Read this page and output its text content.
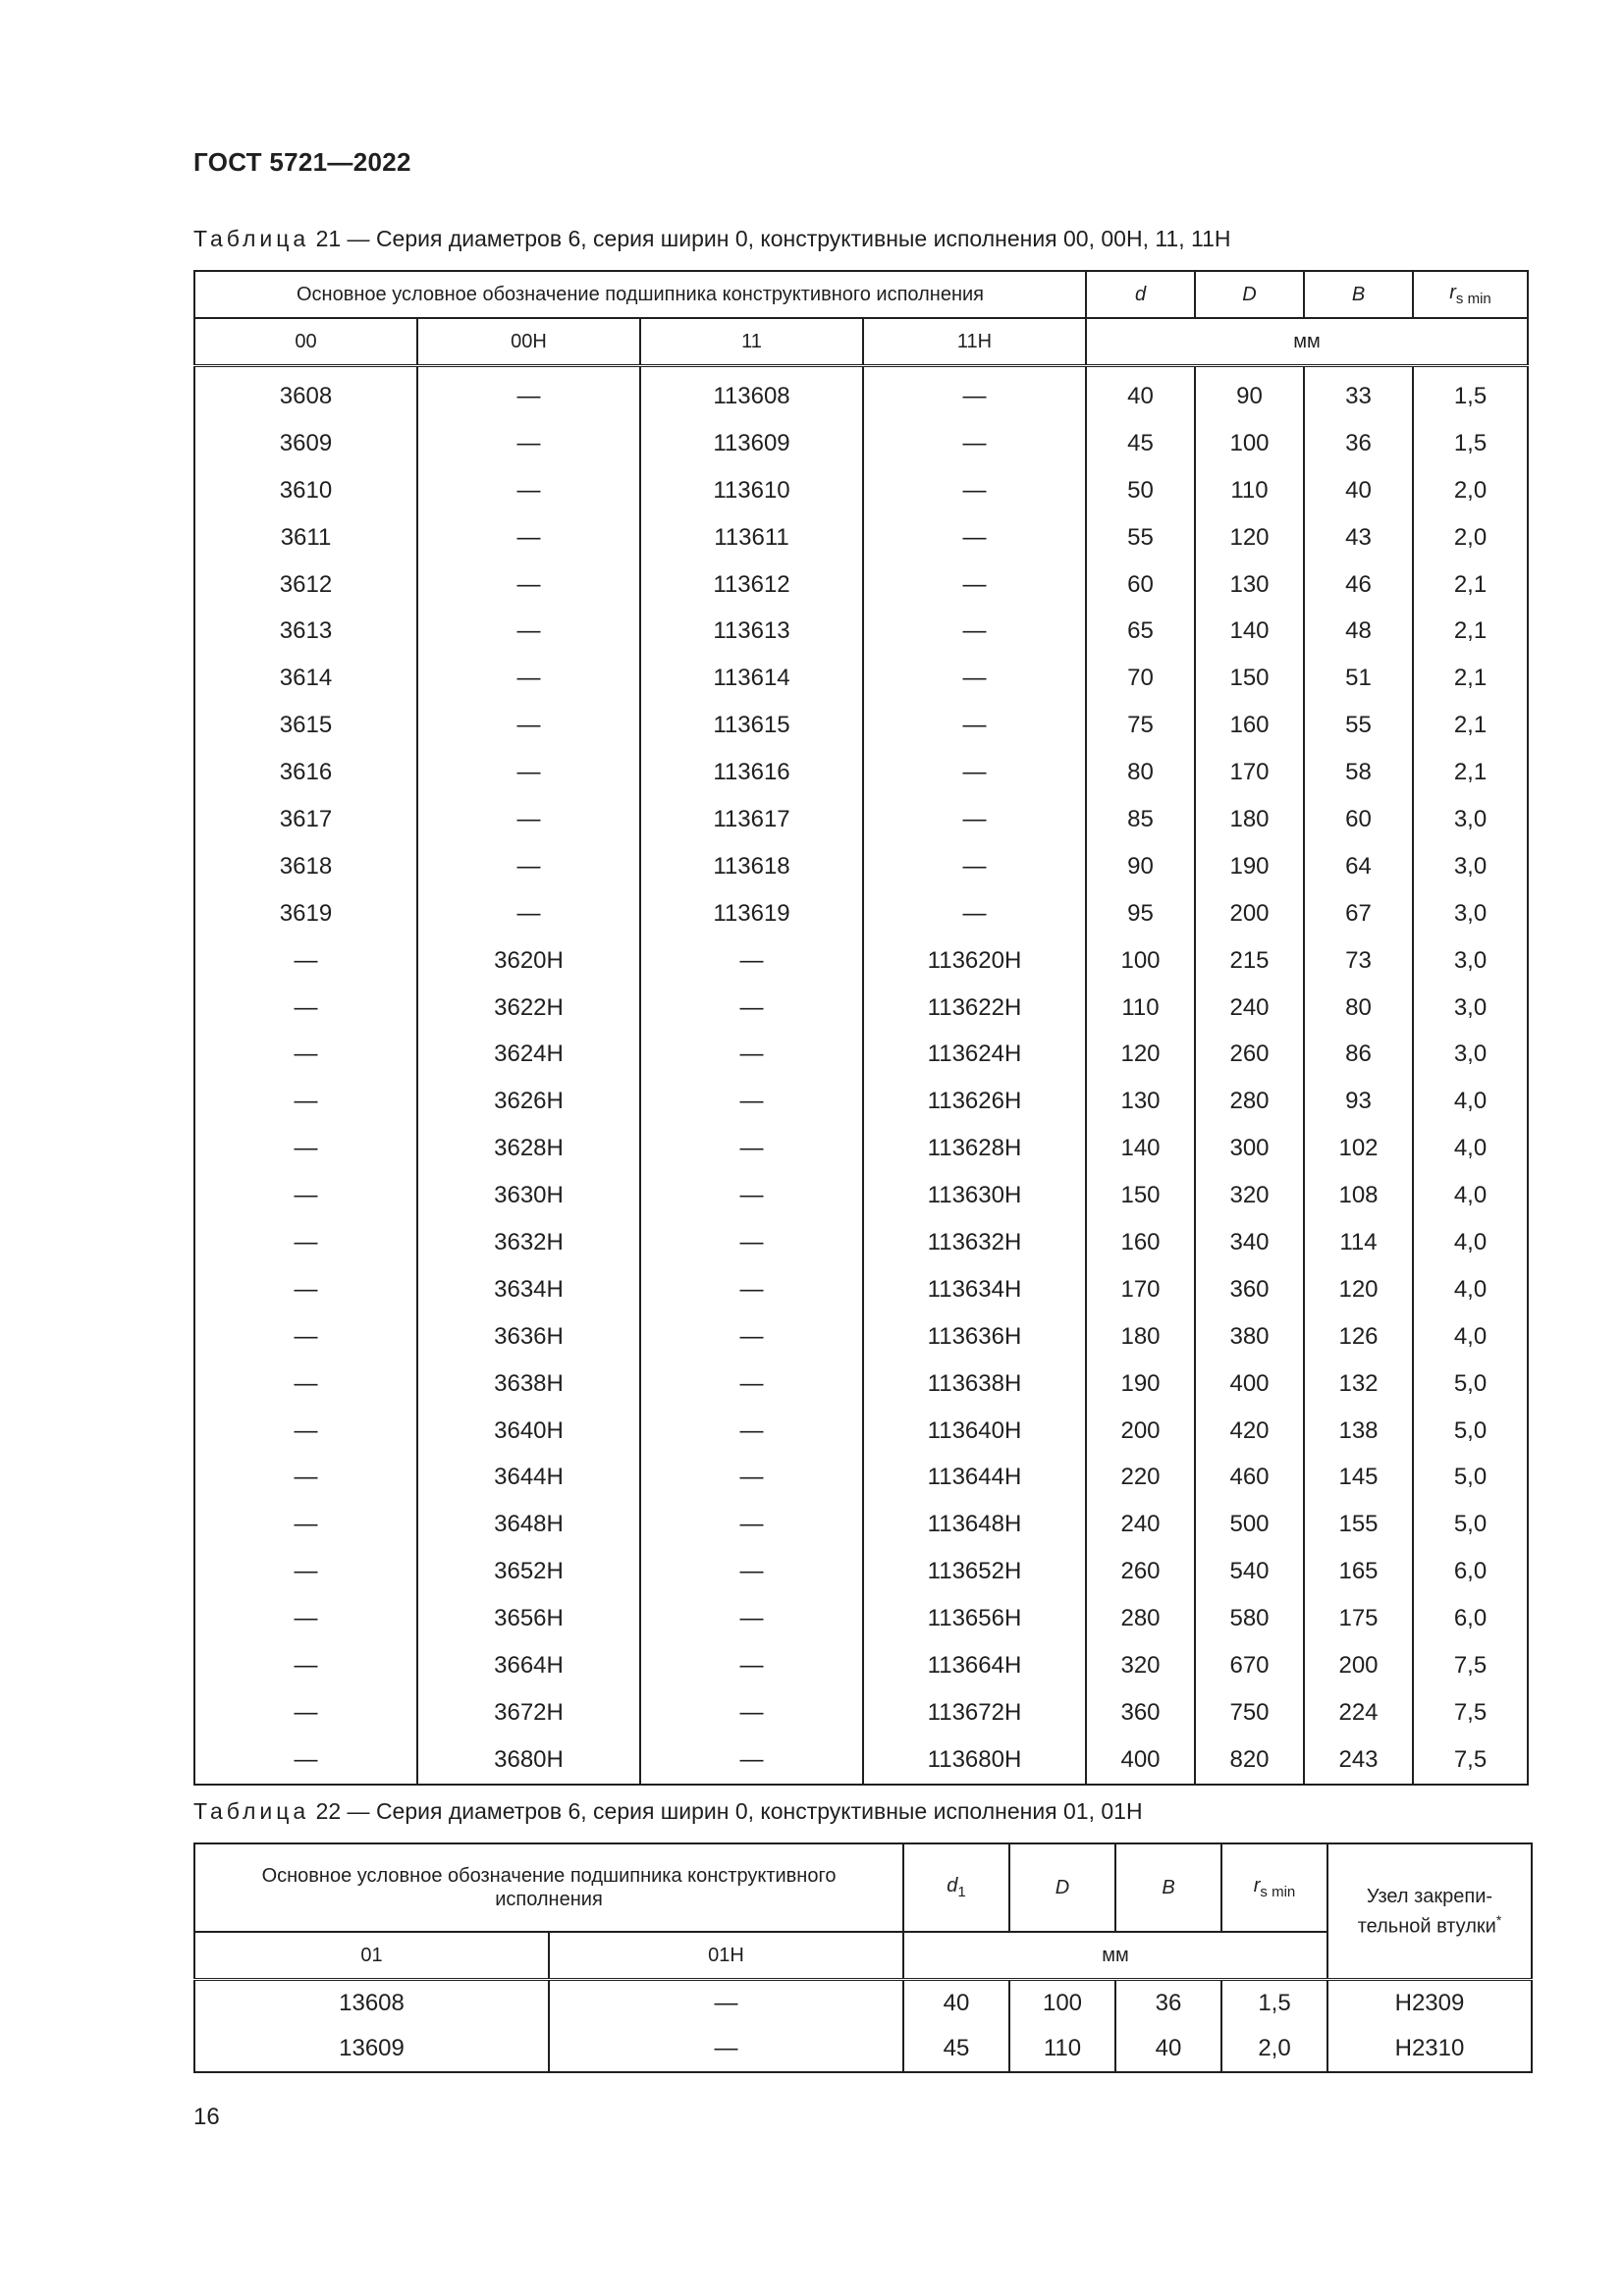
ГОСТ 5721—2022
Таблица 21 — Серия диаметров 6, серия ширин 0, конструктивные исполнения 00, 00Н, 11, 11Н
Основное условное обозначение подшипника конструктивного исполнения				d	D	B	$r_{s min}$
00	00Н	11	11Н	мм			
3608	—	113608	—	40	90	33	1,5
3609	—	113609	—	45	100	36	1,5
3610	—	113610	—	50	110	40	2,0
3611	—	113611	—	55	120	43	2,0
3612	—	113612	—	60	130	46	2,1
3613	—	113613	—	65	140	48	2,1
3614	—	113614	—	70	150	51	2,1
3615	—	113615	—	75	160	55	2,1
3616	—	113616	—	80	170	58	2,1
3617	—	113617	—	85	180	60	3,0
3618	—	113618	—	90	190	64	3,0
3619	—	113619	—	95	200	67	3,0
—	3620Н	—	113620Н	100	215	73	3,0
—	3622Н	—	113622Н	110	240	80	3,0
—	3624Н	—	113624Н	120	260	86	3,0
—	3626Н	—	113626Н	130	280	93	4,0
—	3628Н	—	113628Н	140	300	102	4,0
—	3630Н	—	113630Н	150	320	108	4,0
—	3632Н	—	113632Н	160	340	114	4,0
—	3634Н	—	113634Н	170	360	120	4,0
—	3636Н	—	113636Н	180	380	126	4,0
—	3638Н	—	113638Н	190	400	132	5,0
—	3640Н	—	113640Н	200	420	138	5,0
—	3644Н	—	113644Н	220	460	145	5,0
—	3648Н	—	113648Н	240	500	155	5,0
—	3652Н	—	113652Н	260	540	165	6,0
—	3656Н	—	113656Н	280	580	175	6,0
—	3664Н	—	113664Н	320	670	200	7,5
—	3672Н	—	113672Н	360	750	224	7,5
—	3680Н	—	113680Н	400	820	243	7,5
Таблица 22 — Серия диаметров 6, серия ширин 0, конструктивные исполнения 01, 01Н
Основное условное обозначение подшипника конструктивного исполнения		$d_1$	D	B	$r_{s min}$	Узел закрепи-тельной втулки*
01	01Н	мм				
13608	—	40	100	36	1,5	Н2309
13609	—	45	110	40	2,0	Н2310
16
